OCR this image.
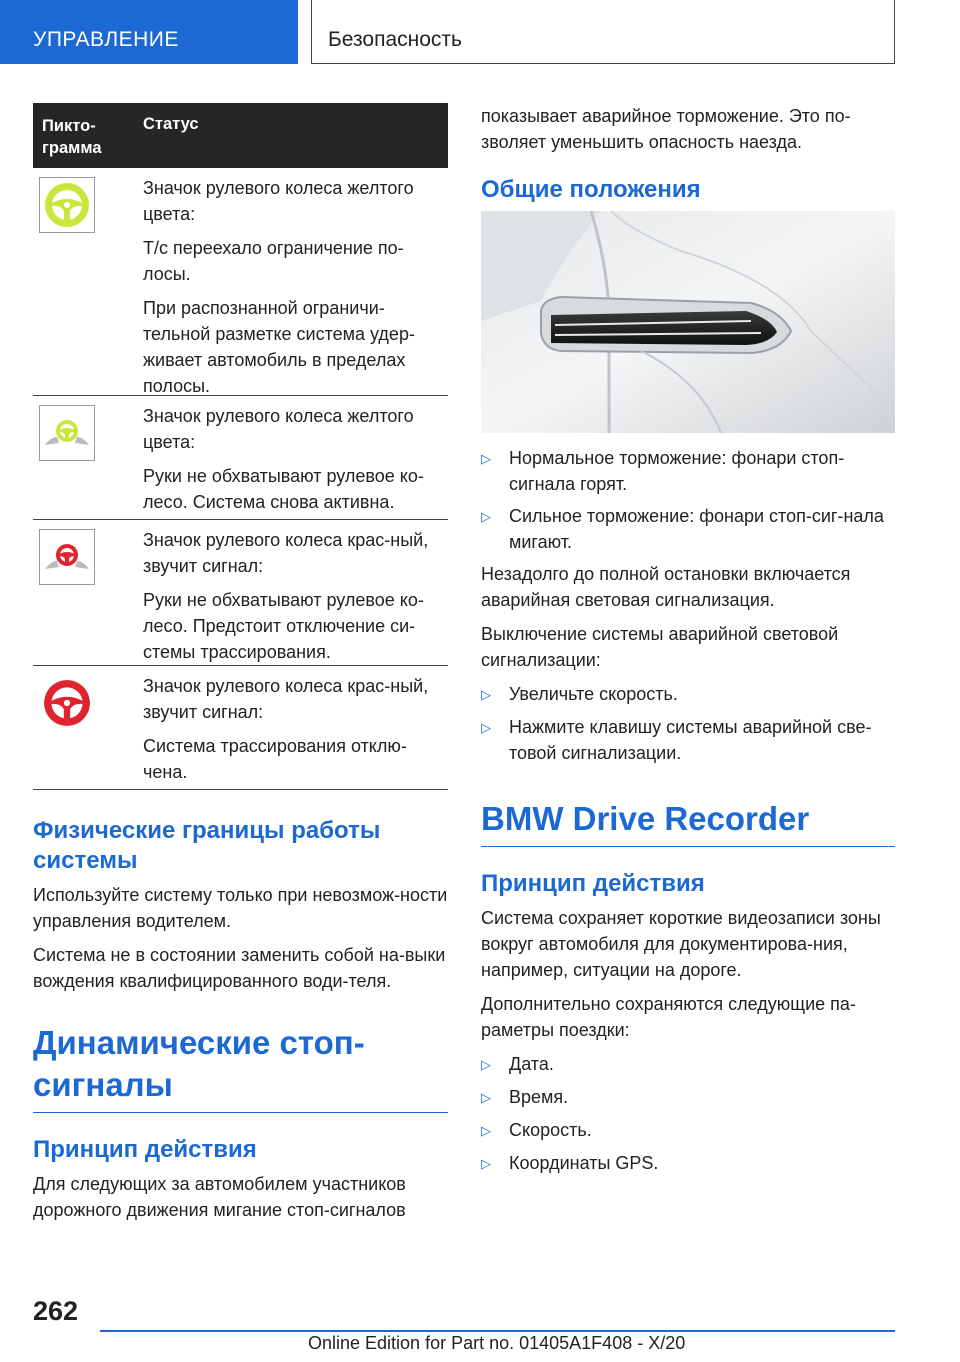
УПРАВЛЕНИЕ	Безопасность
Пикто-грамма
Статус

Значок рулевого колеса желтого цвета:

Т/с переехало ограничение по-лосы.

При распознанной ограничи-тельной разметке система удер-живает автомобиль в пределах полосы.

Значок рулевого колеса желтого цвета:

Руки не обхватывают рулевое ко-лесо. Система снова активна.

Значок рулевого колеса крас-ный, звучит сигнал:

Руки не обхватывают рулевое ко-лесо. Предстоит отключение си-стемы трассирования.

Значок рулевого колеса крас-ный, звучит сигнал:

Система трассирования отклю-чена.

Физические границы работы системы

Используйте систему только при невозмож-ности управления водителем.

Система не в состоянии заменить собой на-выки вождения квалифицированного води-теля.

Динамические стоп-сигналы
Принцип действия

Для следующих за автомобилем участников дорожного движения мигание стоп-сигналов

показывает аварийное торможение. Это по-зволяет уменьшить опасность наезда.

Общие положения
▷	Нормальное торможение: фонари стоп-сигнала горят.
▷	Сильное торможение: фонари стоп-сиг-нала мигают.

Незадолго до полной остановки включается аварийная световая сигнализация.

Выключение системы аварийной световой сигнализации:

▷	Увеличьте скорость.
▷	Нажмите клавишу системы аварийной све-товой сигнализации.
BMW Drive Recorder
Принцип действия

Система сохраняет короткие видеозаписи зоны вокруг автомобиля для документирова-ния, например, ситуации на дороге.

Дополнительно сохраняются следующие па-раметры поездки:

▷	Дата.
▷	Время.
▷	Скорость.
▷	Координаты GPS.
262
Online Edition for Part no. 01405A1F408 - X/20
